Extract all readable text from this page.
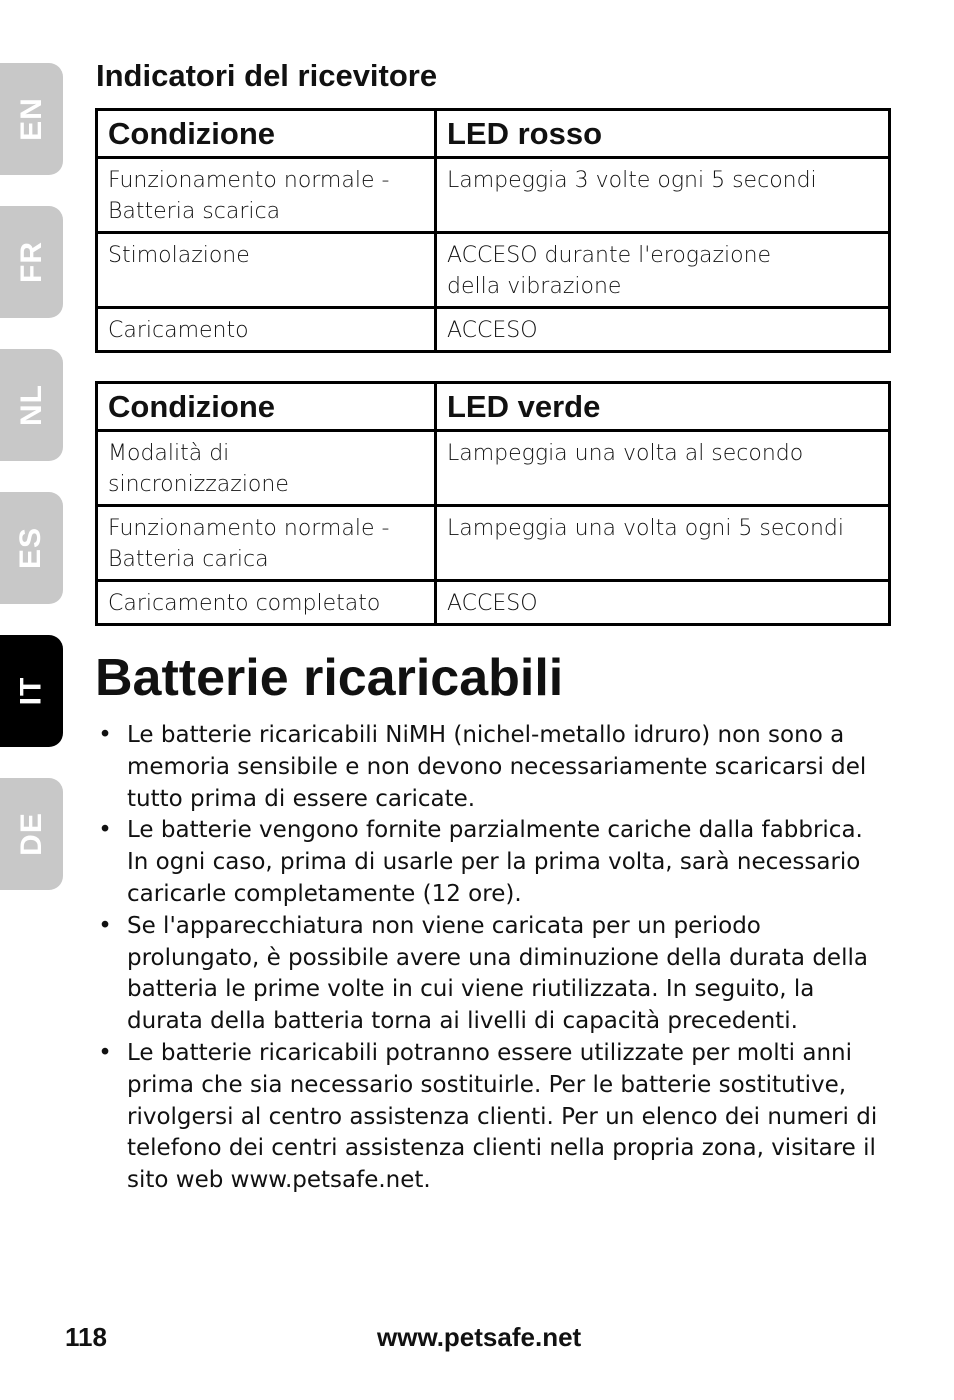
EN
FR
NL
ES
IT
DE
Indicatori del ricevitore
Condizione	LED rosso
Funzionamento normale - Batteria scarica	Lampeggia 3 volte ogni 5 secondi
Stimolazione	ACCESO durante l'erogazione della vibrazione
Caricamento	ACCESO
Condizione	LED verde
Modalità di sincronizzazione	Lampeggia una volta al secondo
Funzionamento normale - Batteria carica	Lampeggia una volta ogni 5 secondi
Caricamento completato	ACCESO
Batterie ricaricabili
• Le batterie ricaricabili NiMH (nichel-metallo idruro) non sono a memoria sensibile e non devono necessariamente scaricarsi del tutto prima di essere caricate.
• Le batterie vengono fornite parzialmente cariche dalla fabbrica. In ogni caso, prima di usarle per la prima volta, sarà necessario caricarle completamente (12 ore).
• Se l'apparecchiatura non viene caricata per un periodo prolungato, è possibile avere una diminuzione della durata della batteria le prime volte in cui viene riutilizzata. In seguito, la durata della batteria torna ai livelli di capacità precedenti.
• Le batterie ricaricabili potranno essere utilizzate per molti anni prima che sia necessario sostituirle. Per le batterie sostitutive, rivolgersi al centro assistenza clienti. Per un elenco dei numeri di telefono dei centri assistenza clienti nella propria zona, visitare il sito web www.petsafe.net.
118	www.petsafe.net
